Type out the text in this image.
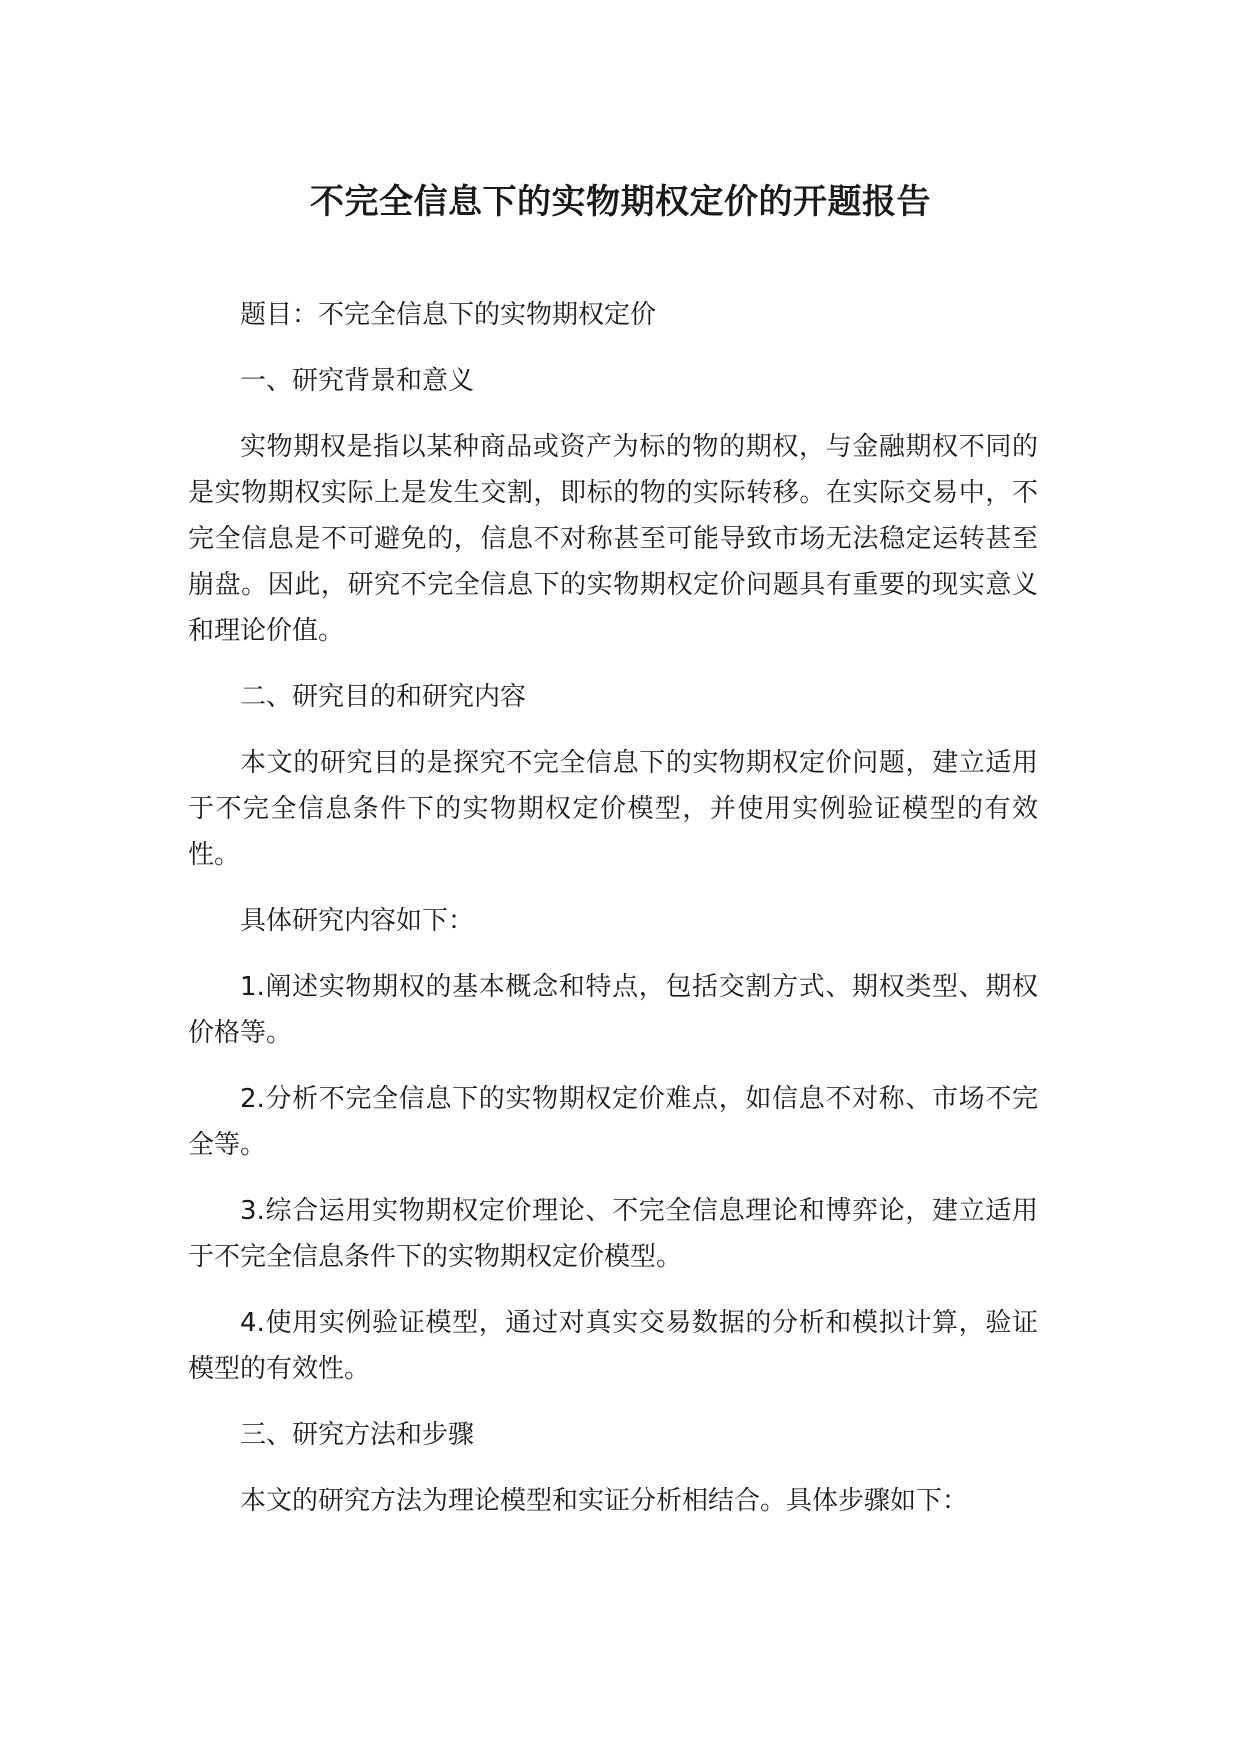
不完全信息下的实物期权定价的开题报告

题目：不完全信息下的实物期权定价

一、研究背景和意义

实物期权是指以某种商品或资产为标的物的期权，与金融期权不同的是实物期权实际上是发生交割，即标的物的实际转移。在实际交易中，不完全信息是不可避免的，信息不对称甚至可能导致市场无法稳定运转甚至崩盘。因此，研究不完全信息下的实物期权定价问题具有重要的现实意义和理论价值。

二、研究目的和研究内容

本文的研究目的是探究不完全信息下的实物期权定价问题，建立适用于不完全信息条件下的实物期权定价模型，并使用实例验证模型的有效性。

具体研究内容如下：

1.阐述实物期权的基本概念和特点，包括交割方式、期权类型、期权价格等。

2.分析不完全信息下的实物期权定价难点，如信息不对称、市场不完全等。

3.综合运用实物期权定价理论、不完全信息理论和博弈论，建立适用于不完全信息条件下的实物期权定价模型。

4.使用实例验证模型，通过对真实交易数据的分析和模拟计算，验证模型的有效性。

三、研究方法和步骤

本文的研究方法为理论模型和实证分析相结合。具体步骤如下：
